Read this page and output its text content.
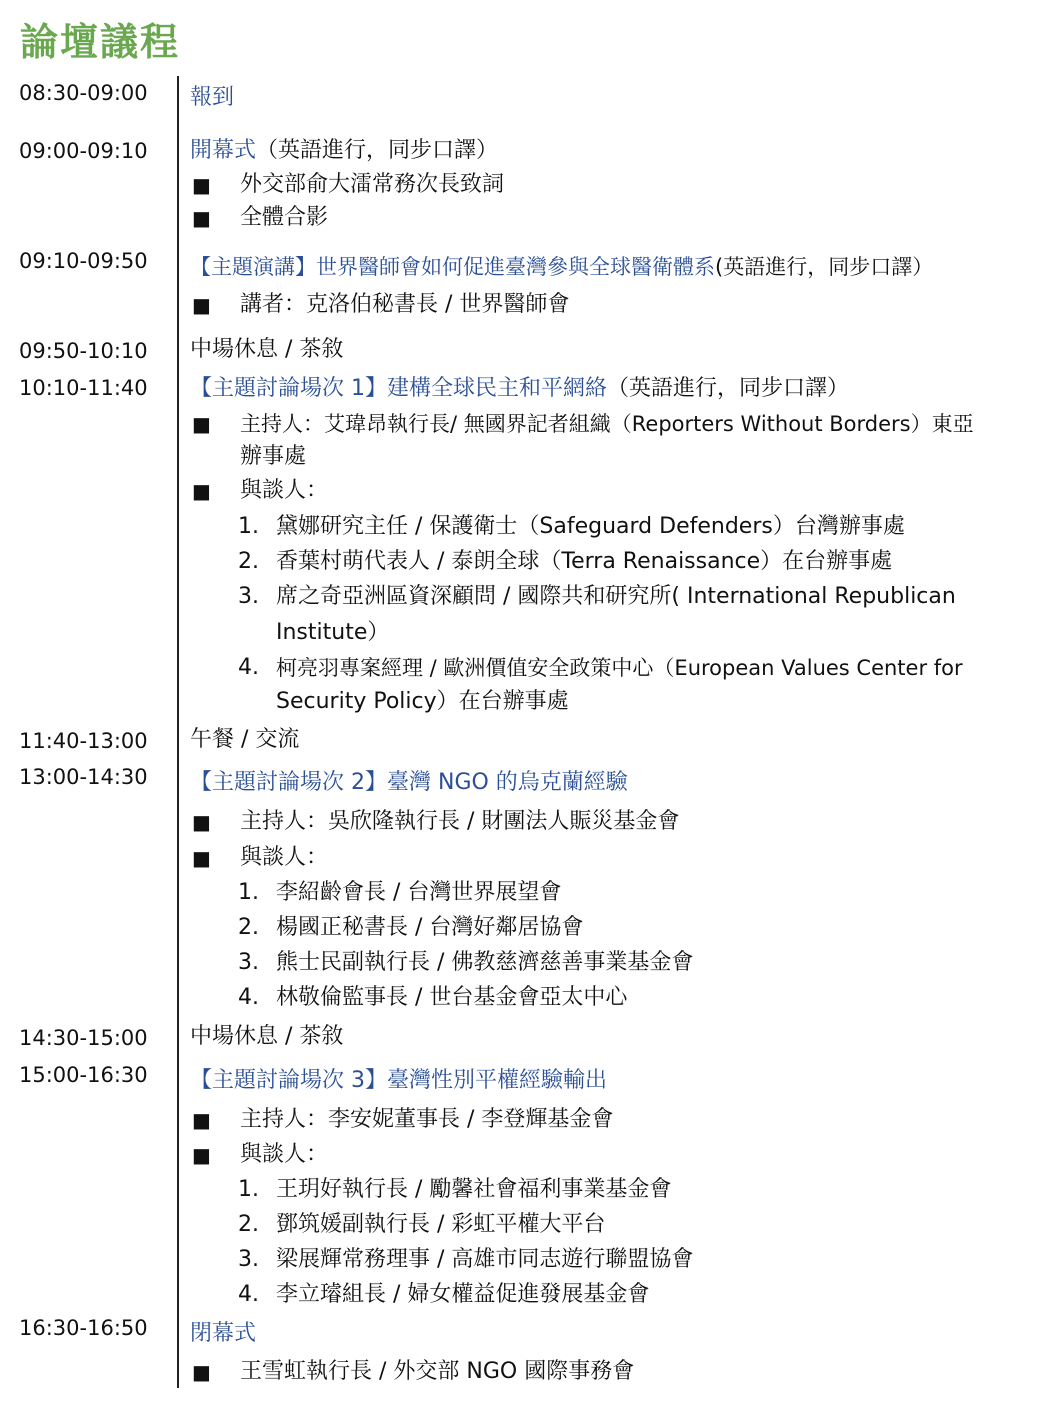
論壇議程
08:30-09:00 報到
09:00-09:10 開幕式（英語進行，同步口譯）
■ 外交部俞大㵢常務次長致詞
■ 全體合影
09:10-09:50 【主題演講】世界醫師會如何促進臺灣參與全球醫衛體系(英語進行，同步口譯）
■ 講者：克洛伯秘書長 / 世界醫師會
09:50-10:10 中場休息 / 茶敘
10:10-11:40 【主題討論場次 1】建構全球民主和平網絡（英語進行，同步口譯）
■ 主持人：艾瑋昂執行長/ 無國界記者組織（Reporters Without Borders）東亞
辦事處
■ 與談人：
1. 黛娜研究主任 / 保護衛士（Safeguard Defenders）台灣辦事處
2. 香葉村萌代表人 / 泰朗全球（Terra Renaissance）在台辦事處
3. 席之奇亞洲區資深顧問 / 國際共和研究所( International Republican
Institute）
4. 柯亮羽專案經理 / 歐洲價值安全政策中心（European Values Center for
Security Policy）在台辦事處
11:40-13:00 午餐 / 交流
13:00-14:30 【主題討論場次 2】臺灣 NGO 的烏克蘭經驗
■ 主持人：吳欣隆執行長 / 財團法人賑災基金會
■ 與談人：
1. 李紹齡會長 / 台灣世界展望會
2. 楊國正秘書長 / 台灣好鄰居協會
3. 熊士民副執行長 / 佛教慈濟慈善事業基金會
4. 林敬倫監事長 / 世台基金會亞太中心
14:30-15:00 中場休息 / 茶敘
15:00-16:30 【主題討論場次 3】臺灣性別平權經驗輸出
■ 主持人：李安妮董事長 / 李登輝基金會
■ 與談人：
1. 王玥好執行長 / 勵馨社會福利事業基金會
2. 鄧筑媛副執行長 / 彩虹平權大平台
3. 梁展輝常務理事 / 高雄市同志遊行聯盟協會
4. 李立璿組長 / 婦女權益促進發展基金會
16:30-16:50 閉幕式
■ 王雪虹執行長 / 外交部 NGO 國際事務會
